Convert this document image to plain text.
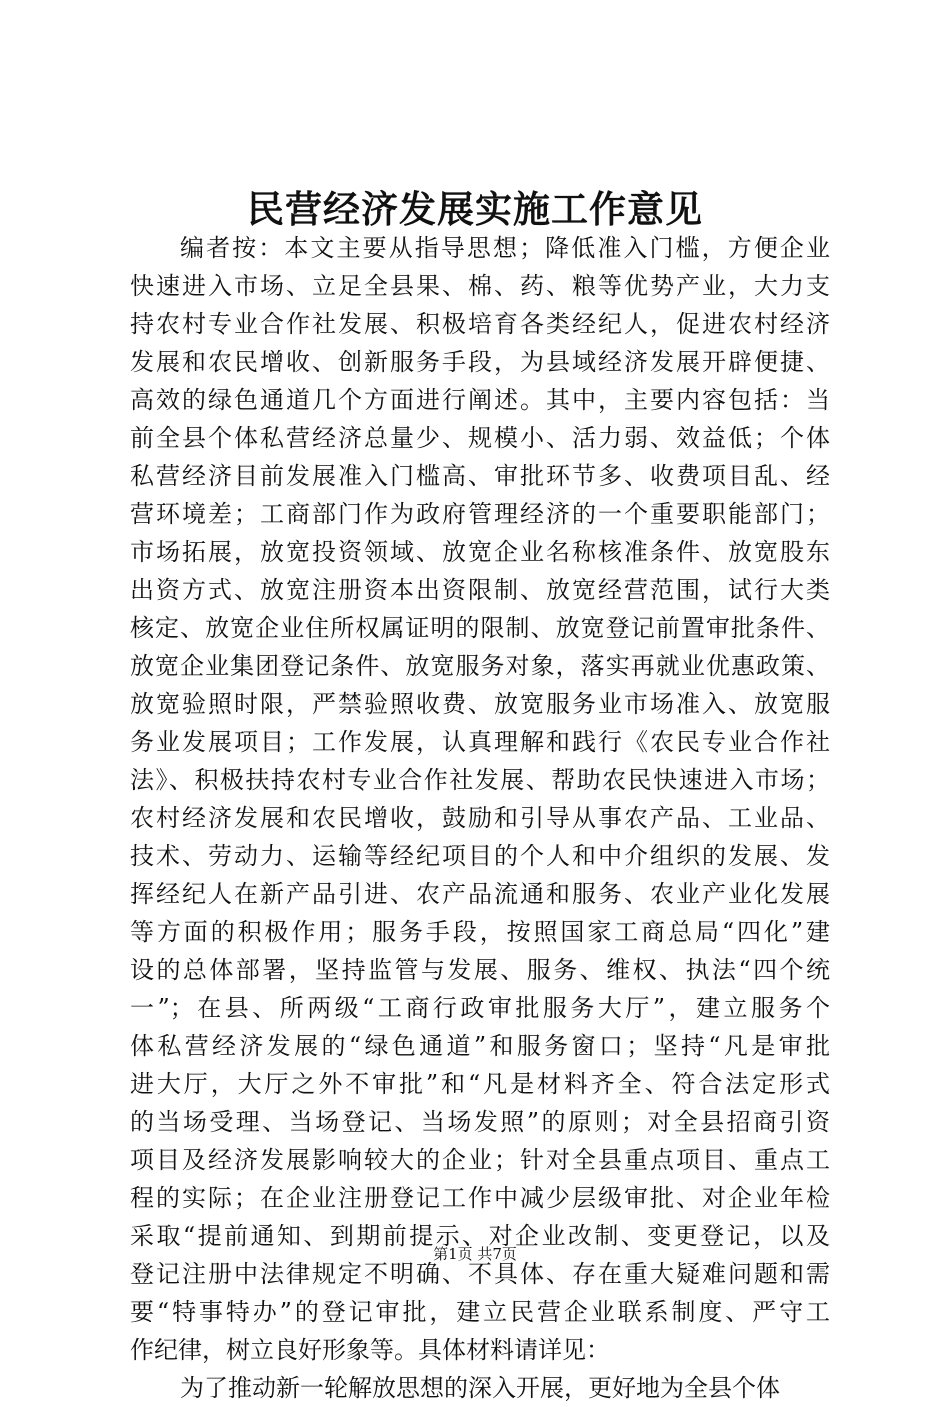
民营经济发展实施工作意见
编者按：本文主要从指导思想；降低准入门槛，方便企业
快速进入市场、立足全县果、棉、药、粮等优势产业，大力支
持农村专业合作社发展、积极培育各类经纪人，促进农村经济
发展和农民增收、创新服务手段，为县域经济发展开辟便捷、
高效的绿色通道几个方面进行阐述。其中，主要内容包括：当
前全县个体私营经济总量少、规模小、活力弱、效益低；个体
私营经济目前发展准入门槛高、审批环节多、收费项目乱、经
营环境差；工商部门作为政府管理经济的一个重要职能部门；
市场拓展，放宽投资领域、放宽企业名称核准条件、放宽股东
出资方式、放宽注册资本出资限制、放宽经营范围，试行大类
核定、放宽企业住所权属证明的限制、放宽登记前置审批条件、
放宽企业集团登记条件、放宽服务对象，落实再就业优惠政策、
放宽验照时限，严禁验照收费、放宽服务业市场准入、放宽服
务业发展项目；工作发展，认真理解和践行《农民专业合作社
法》、积极扶持农村专业合作社发展、帮助农民快速进入市场；
农村经济发展和农民增收，鼓励和引导从事农产品、工业品、
技术、劳动力、运输等经纪项目的个人和中介组织的发展、发
挥经纪人在新产品引进、农产品流通和服务、农业产业化发展
等方面的积极作用；服务手段，按照国家工商总局“四化”建
设的总体部署，坚持监管与发展、服务、维权、执法“四个统
一”；在县、所两级“工商行政审批服务大厅”，建立服务个
体私营经济发展的“绿色通道”和服务窗口；坚持“凡是审批
进大厅，大厅之外不审批”和“凡是材料齐全、符合法定形式
的当场受理、当场登记、当场发照”的原则；对全县招商引资
项目及经济发展影响较大的企业；针对全县重点项目、重点工
程的实际；在企业注册登记工作中减少层级审批、对企业年检
采取“提前通知、到期前提示、对企业改制、变更登记，以及
登记注册中法律规定不明确、不具体、存在重大疑难问题和需
要“特事特办”的登记审批，建立民营企业联系制度、严守工
作纪律，树立良好形象等。具体材料请详见：
为了推动新一轮解放思想的深入开展，更好地为全县个体
第1页 共7页
